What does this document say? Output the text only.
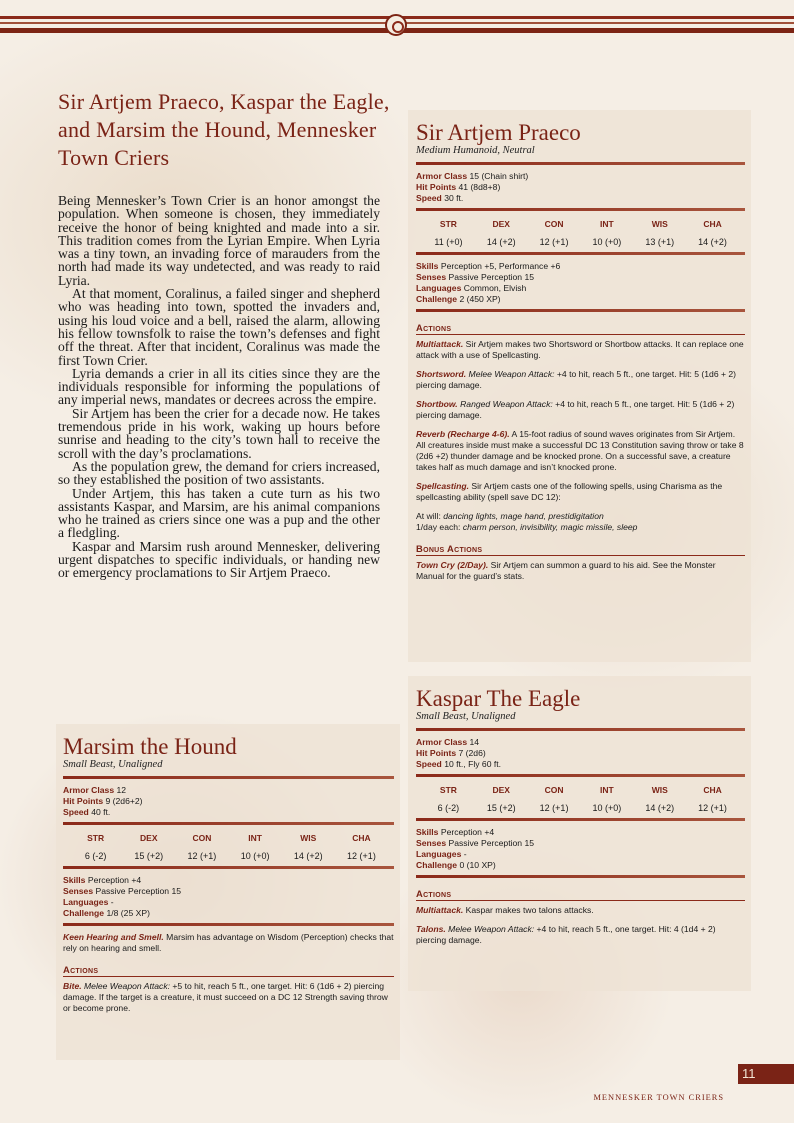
Sir Artjem Praeco, Kaspar the Eagle, and Marsim the Hound, Mennesker Town Criers

Being Mennesker’s Town Crier is an honor amongst the population. When someone is chosen, they immediately receive the honor of being knighted and made into a sir. This tradition comes from the Lyrian Empire. When Lyria was a tiny town, an invading force of marauders from the north had made its way undetected, and was ready to raid Lyria.

At that moment, Coralinus, a failed singer and shepherd who was heading into town, spotted the invaders and, using his loud voice and a bell, raised the alarm, allowing his fellow townsfolk to raise the town’s defenses and fight off the threat. After that incident, Coralinus was made the first Town Crier.

Lyria demands a crier in all its cities since they are the individuals responsible for informing the populations of any imperial news, mandates or decrees across the empire.

Sir Artjem has been the crier for a decade now. He takes tremendous pride in his work, waking up hours before sunrise and heading to the city’s town hall to receive the scroll with the day’s proclamations.

As the population grew, the demand for criers increased, so they established the position of two assistants.

Under Artjem, this has taken a cute turn as his two assistants Kaspar, and Marsim, are his animal companions who he trained as criers since one was a pup and the other a fledgling.

Kaspar and Marsim rush around Mennesker, delivering urgent dispatches to specific individuals, or handing new or emergency proclamations to Sir Artjem Praeco.

Sir Artjem Praeco
Medium Humanoid, Neutral
Armor Class 15 (Chain shirt)
Hit Points 41 (8d8+8)
Speed 30 ft.
STR
11 (+0)
DEX
14 (+2)
CON
12 (+1)
INT
10 (+0)
WIS
13 (+1)
CHA
14 (+2)
Skills Perception +5, Performance +6
Senses Passive Perception 15
Languages Common, Elvish
Challenge 2 (450 XP)
Actions
Multiattack. Sir Artjem makes two Shortsword or Shortbow attacks. It can replace one attack with a use of Spellcasting.
Shortsword. Melee Weapon Attack: +4 to hit, reach 5 ft., one target. Hit: 5 (1d6 + 2) piercing damage.
Shortbow. Ranged Weapon Attack: +4 to hit, reach 5 ft., one target. Hit: 5 (1d6 + 2) piercing damage.
Reverb (Recharge 4-6). A 15-foot radius of sound waves originates from Sir Artjem. All creatures inside must make a successful DC 13 Constitution saving throw or take 8 (2d6 +2) thunder damage and be knocked prone. On a successful save, a creature takes half as much damage and isn’t knocked prone.
Spellcasting. Sir Artjem casts one of the following spells, using Charisma as the spellcasting ability (spell save DC 12):
At will: dancing lights, mage hand, prestidigitation
1/day each: charm person, invisibility, magic missile, sleep
Bonus Actions
Town Cry (2/Day). Sir Artjem can summon a guard to his aid. See the Monster Manual for the guard’s stats.
Kaspar The Eagle
Small Beast, Unaligned
Armor Class 14
Hit Points 7 (2d6)
Speed 10 ft., Fly 60 ft.
STR
6 (-2)
DEX
15 (+2)
CON
12 (+1)
INT
10 (+0)
WIS
14 (+2)
CHA
12 (+1)
Skills Perception +4
Senses Passive Perception 15
Languages -
Challenge 0 (10 XP)
Actions
Multiattack. Kaspar makes two talons attacks.
Talons. Melee Weapon Attack: +4 to hit, reach 5 ft., one target. Hit: 4 (1d4 + 2) piercing damage.
Marsim the Hound
Small Beast, Unaligned
Armor Class 12
Hit Points 9 (2d6+2)
Speed 40 ft.
STR
6 (-2)
DEX
15 (+2)
CON
12 (+1)
INT
10 (+0)
WIS
14 (+2)
CHA
12 (+1)
Skills Perception +4
Senses Passive Perception 15
Languages -
Challenge 1/8 (25 XP)
Keen Hearing and Smell. Marsim has advantage on Wisdom (Perception) checks that rely on hearing and smell.
Actions
Bite. Melee Weapon Attack: +5 to hit, reach 5 ft., one target. Hit: 6 (1d6 + 2) piercing damage. If the target is a creature, it must succeed on a DC 12 Strength saving throw or become prone.
11
MENNESKER TOWN CRIERS
